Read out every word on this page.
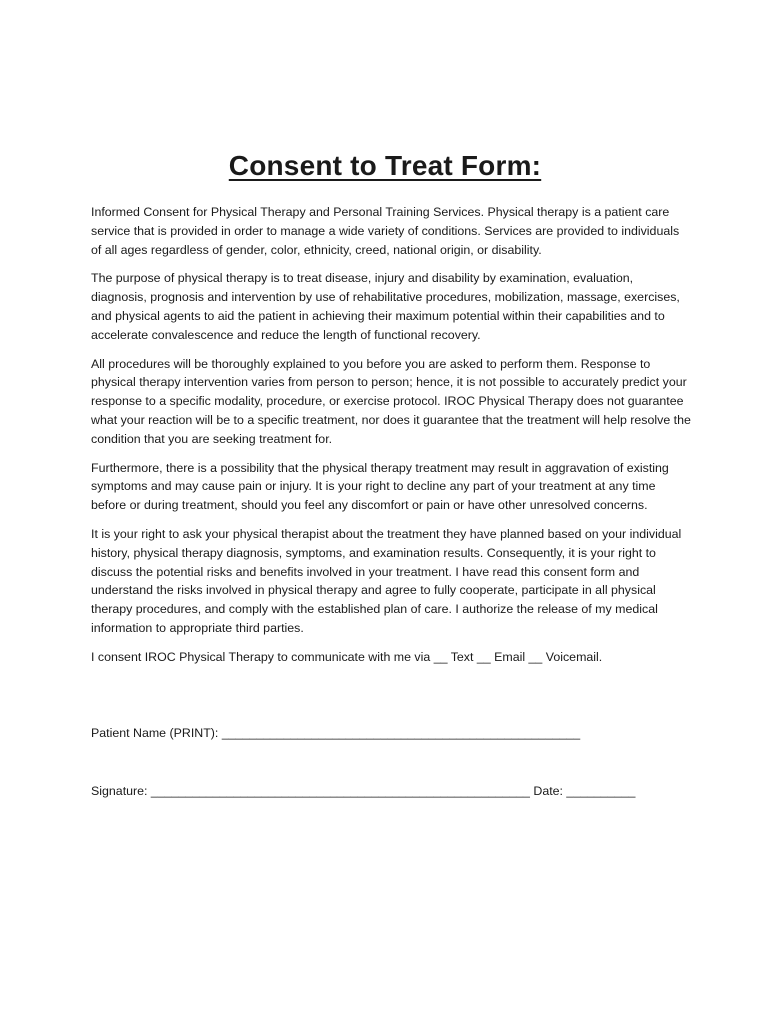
Consent to Treat Form:

Informed Consent for Physical Therapy and Personal Training Services. Physical therapy is a patient care service that is provided in order to manage a wide variety of conditions. Services are provided to individuals of all ages regardless of gender, color, ethnicity, creed, national origin, or disability.

The purpose of physical therapy is to treat disease, injury and disability by examination, evaluation, diagnosis, prognosis and intervention by use of rehabilitative procedures, mobilization, massage, exercises, and physical agents to aid the patient in achieving their maximum potential within their capabilities and to accelerate convalescence and reduce the length of functional recovery.

All procedures will be thoroughly explained to you before you are asked to perform them. Response to physical therapy intervention varies from person to person; hence, it is not possible to accurately predict your response to a specific modality, procedure, or exercise protocol. IROC Physical Therapy does not guarantee what your reaction will be to a specific treatment, nor does it guarantee that the treatment will help resolve the condition that you are seeking treatment for.

Furthermore, there is a possibility that the physical therapy treatment may result in aggravation of existing symptoms and may cause pain or injury. It is your right to decline any part of your treatment at any time before or during treatment, should you feel any discomfort or pain or have other unresolved concerns.

It is your right to ask your physical therapist about the treatment they have planned based on your individual history, physical therapy diagnosis, symptoms, and examination results. Consequently, it is your right to discuss the potential risks and benefits involved in your treatment. I have read this consent form and understand the risks involved in physical therapy and agree to fully cooperate, participate in all physical therapy procedures, and comply with the established plan of care. I authorize the release of my medical information to appropriate third parties.

I consent IROC Physical Therapy to communicate with me via __ Text __ Email __ Voicemail.

Patient Name (PRINT): ____________________________________________________
Signature: _______________________________________________________ Date: __________
